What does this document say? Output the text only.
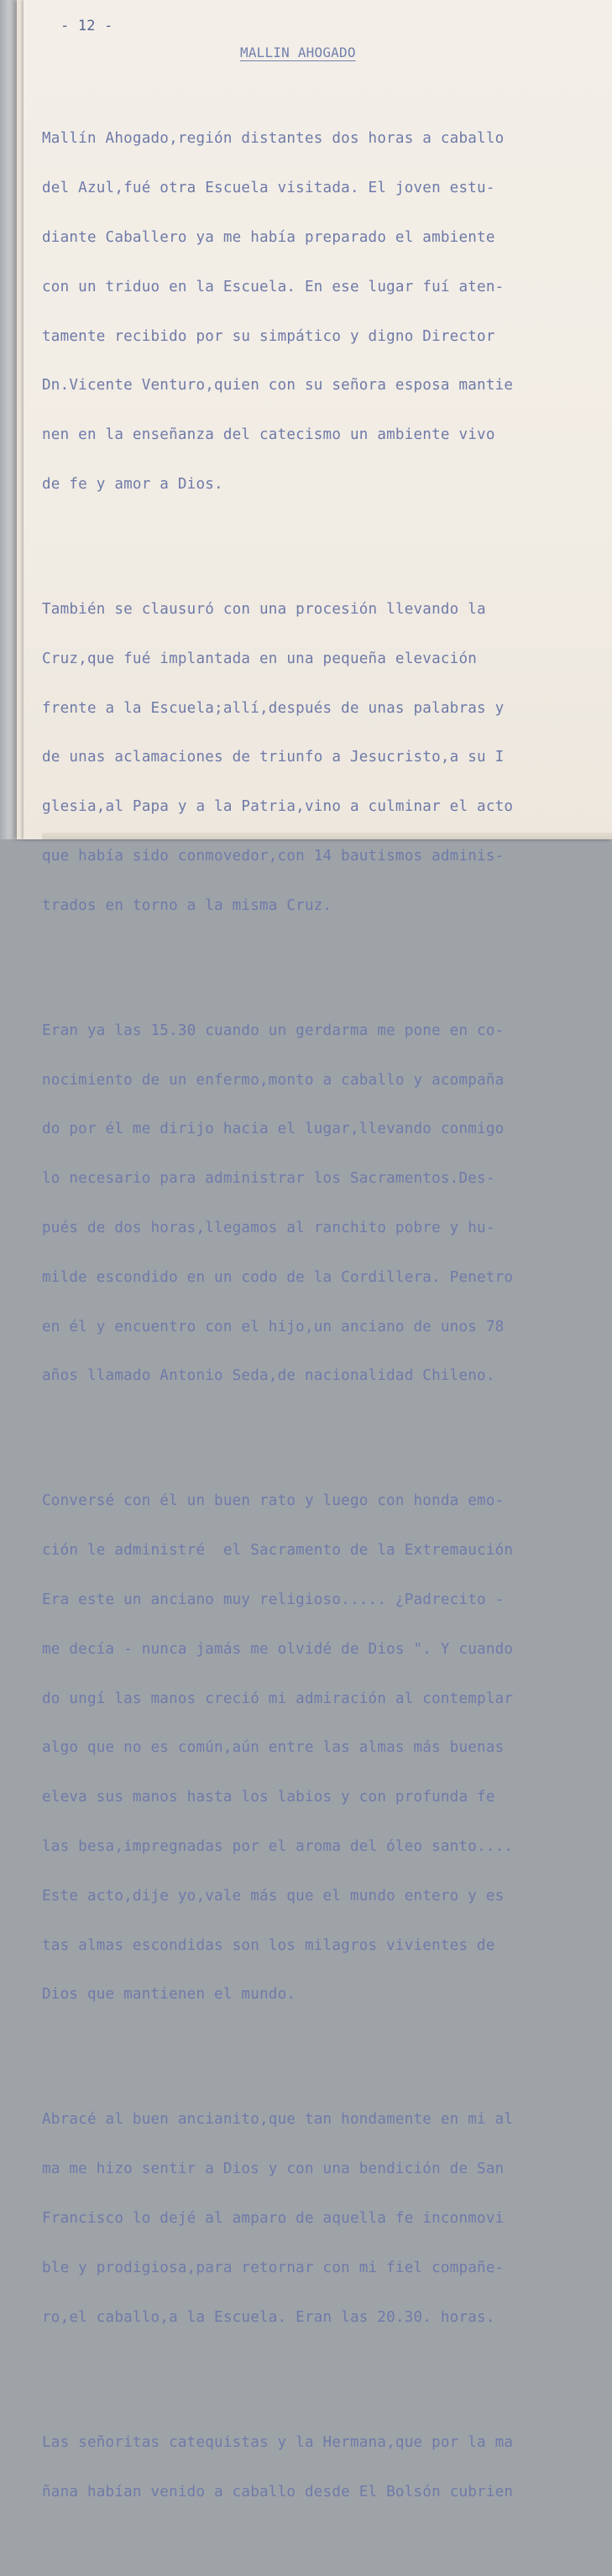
- 12 -
MALLIN AHOGADO

Mallín Ahogado,región distantes dos horas a caballo

del Azul,fué otra Escuela visitada. El joven estu-

diante Caballero ya me había preparado el ambiente

con un triduo en la Escuela. En ese lugar fuí aten-

tamente recibido por su simpático y digno Director

Dn.Vicente Venturo,quien con su señora esposa mantie

nen en la enseñanza del catecismo un ambiente vivo

de fe y amor a Dios.

También se clausuró con una procesión llevando la

Cruz,que fué implantada en una pequeña elevación

frente a la Escuela;allí,después de unas palabras y

de unas aclamaciones de triunfo a Jesucristo,a su I

glesia,al Papa y a la Patria,vino a culminar el acto

que había sido conmovedor,con 14 bautismos adminis-

trados en torno a la misma Cruz.

Eran ya las 15.30 cuando un gerdarma me pone en co-

nocimiento de un enfermo,monto a caballo y acompaña

do por él me dirijo hacia el lugar,llevando conmigo

lo necesario para administrar los Sacramentos.Des-

pués de dos horas,llegamos al ranchito pobre y hu-

milde escondido en un codo de la Cordillera. Penetro

en él y encuentro con el hijo,un anciano de unos 78

años llamado Antonio Seda,de nacionalidad Chileno.

Conversé con él un buen rato y luego con honda emo-

ción le administré  el Sacramento de la Extremaución

Era este un anciano muy religioso..... ¿Padrecito -

me decía - nunca jamás me olvidé de Dios ". Y cuando

do ungí las manos creció mi admiración al contemplar

algo que no es común,aún entre las almas más buenas

eleva sus manos hasta los labios y con profunda fe

las besa,impregnadas por el aroma del óleo santo....

Este acto,dije yo,vale más que el mundo entero y es

tas almas escondidas son los milagros vivientes de

Dios que mantienen el mundo.

Abracé al buen ancianito,que tan hondamente en mi al

ma me hizo sentir a Dios y con una bendición de San

Francisco lo dejé al amparo de aquella fe inconmovi

ble y prodigiosa,para retornar con mi fiel compañe-

ro,el caballo,a la Escuela. Eran las 20.30. horas.

Las señoritas catequistas y la Hermana,que por la ma

ñana habían venido a caballo desde El Bolsón cubrien
